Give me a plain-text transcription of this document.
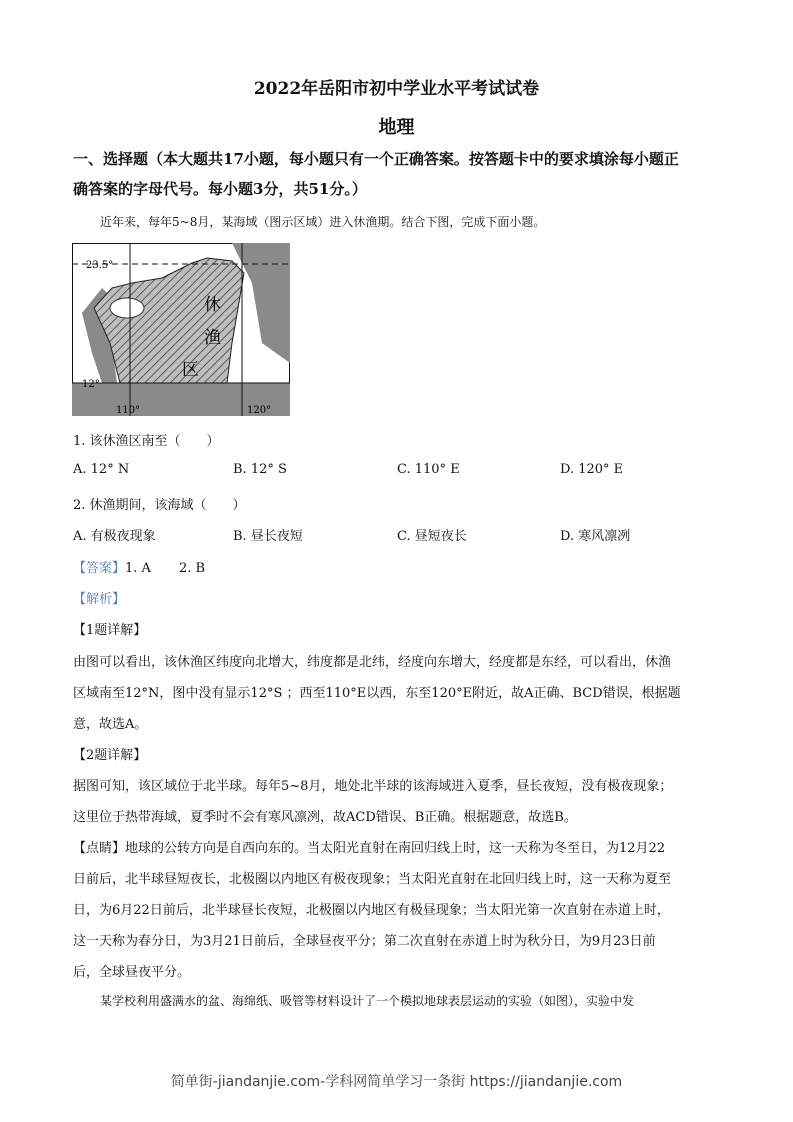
2022年岳阳市初中学业水平考试试卷
地理
一、选择题（本大题共17小题，每小题只有一个正确答案。按答题卡中的要求填涂每小题正
确答案的字母代号。每小题3分，共51分。）
近年来，每年5~8月，某海域（图示区域）进入休渔期。结合下图，完成下面小题。
23.5°
12°
110°	120°
休
渔
区
1. 该休渔区南至（　　）
A. 12° N	B. 12° S	C. 110° E	D. 120° E
2. 休渔期间，该海域（　　）
A. 有极夜现象	B. 昼长夜短	C. 昼短夜长	D. 寒风凛冽
【答案】1. A 2. B
【解析】
【1题详解】
由图可以看出，该休渔区纬度向北增大，纬度都是北纬，经度向东增大，经度都是东经，可以看出，休渔
区域南至12°N，图中没有显示12°S ；西至110°E以西，东至120°E附近，故A正确、BCD错误，根据题
意，故选A。
【2题详解】
据图可知，该区域位于北半球。每年5~8月，地处北半球的该海域进入夏季，昼长夜短，没有极夜现象；
这里位于热带海域，夏季时不会有寒风凛冽，故ACD错误、B正确。根据题意，故选B。
【点睛】地球的公转方向是自西向东的。当太阳光直射在南回归线上时，这一天称为冬至日，为12月22
日前后，北半球昼短夜长，北极圈以内地区有极夜现象；当太阳光直射在北回归线上时，这一天称为夏至
日，为6月22日前后，北半球昼长夜短，北极圈以内地区有极昼现象；当太阳光第一次直射在赤道上时，
这一天称为春分日，为3月21日前后，全球昼夜平分；第二次直射在赤道上时为秋分日，为9月23日前
后，全球昼夜平分。
某学校利用盛满水的盆、海绵纸、吸管等材料设计了一个模拟地球表层运动的实验（如图），实验中发
简单街-jiandanjie.com-学科网简单学习一条街 https://jiandanjie.com
